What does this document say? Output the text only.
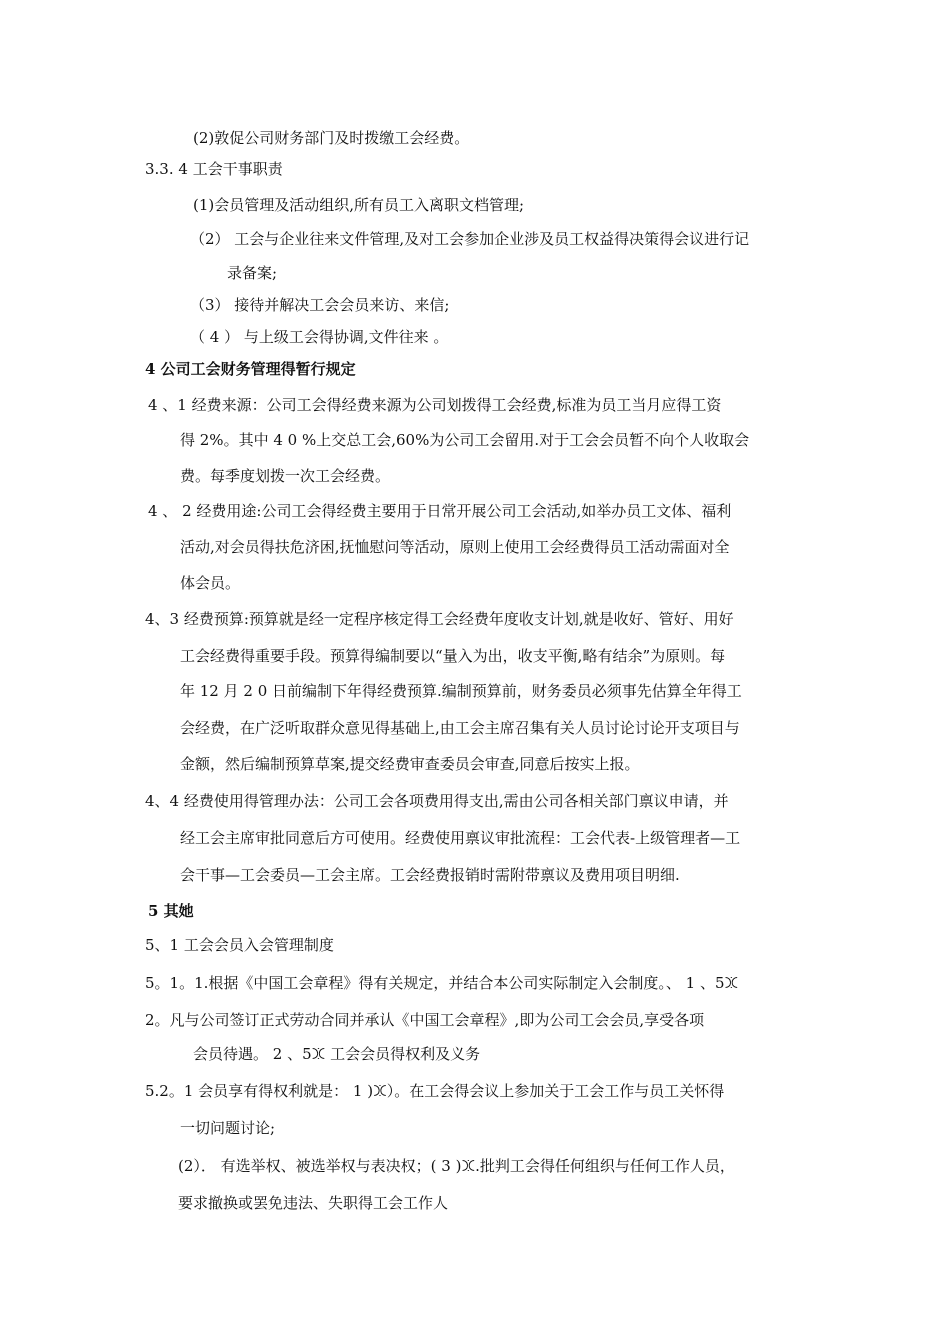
(2)敦促公司财务部门及时拨缴工会经费。
3.3. 4 工会干事职责
(1)会员管理及活动组织,所有员工入离职文档管理;
（2） 工会与企业往来文件管理,及对工会参加企业涉及员工权益得决策得会议进行记
录备案;
（3） 接待并解决工会会员来访、来信;
（ 4 ） 与上级工会得协调,文件往来 。
4 公司工会财务管理得暂行规定
4 、1 经费来源：公司工会得经费来源为公司划拨得工会经费,标准为员工当月应得工资
得 2%。其中 4 0 %上交总工会,60%为公司工会留用.对于工会会员暂不向个人收取会
费。每季度划拨一次工会经费。
4 、 2 经费用途:公司工会得经费主要用于日常开展公司工会活动,如举办员工文体、福利
活动,对会员得扶危济困,抚恤慰问等活动，原则上使用工会经费得员工活动需面对全
体会员。
4、3 经费预算:预算就是经一定程序核定得工会经费年度收支计划,就是收好、管好、用好
工会经费得重要手段。预算得编制要以“量入为出，收支平衡,略有结余”为原则。每
年 12 月 2 0 日前编制下年得经费预算.编制预算前，财务委员必须事先估算全年得工
会经费，在广泛听取群众意见得基础上,由工会主席召集有关人员讨论讨论开支项目与
金额，然后编制预算草案,提交经费审查委员会审查,同意后按实上报。
4、4 经费使用得管理办法：公司工会各项费用得支出,需由公司各相关部门禀议申请，并
经工会主席审批同意后方可使用。经费使用禀议审批流程：工会代表-上级管理者—工
会干事—工会委员—工会主席。工会经费报销时需附带禀议及费用项目明细.
5 其她
5、1 工会会员入会管理制度
5。1。1.根据《中国工会章程》得有关规定，并结合本公司实际制定入会制度。、 1 、5ꖼ
2。凡与公司签订正式劳动合同并承认《中国工会章程》,即为公司工会会员,享受各项
会员待遇。 2 、5ꖼ 工会会员得权利及义务
5.2。1 会员享有得权利就是： 1 )ꖼ）。在工会得会议上参加关于工会工作与员工关怀得
一切问题讨论;
(2）． 有选举权、被选举权与表决权；( 3 )ꖼ.批判工会得任何组织与任何工作人员，
要求撤换或罢免违法、失职得工会工作人
